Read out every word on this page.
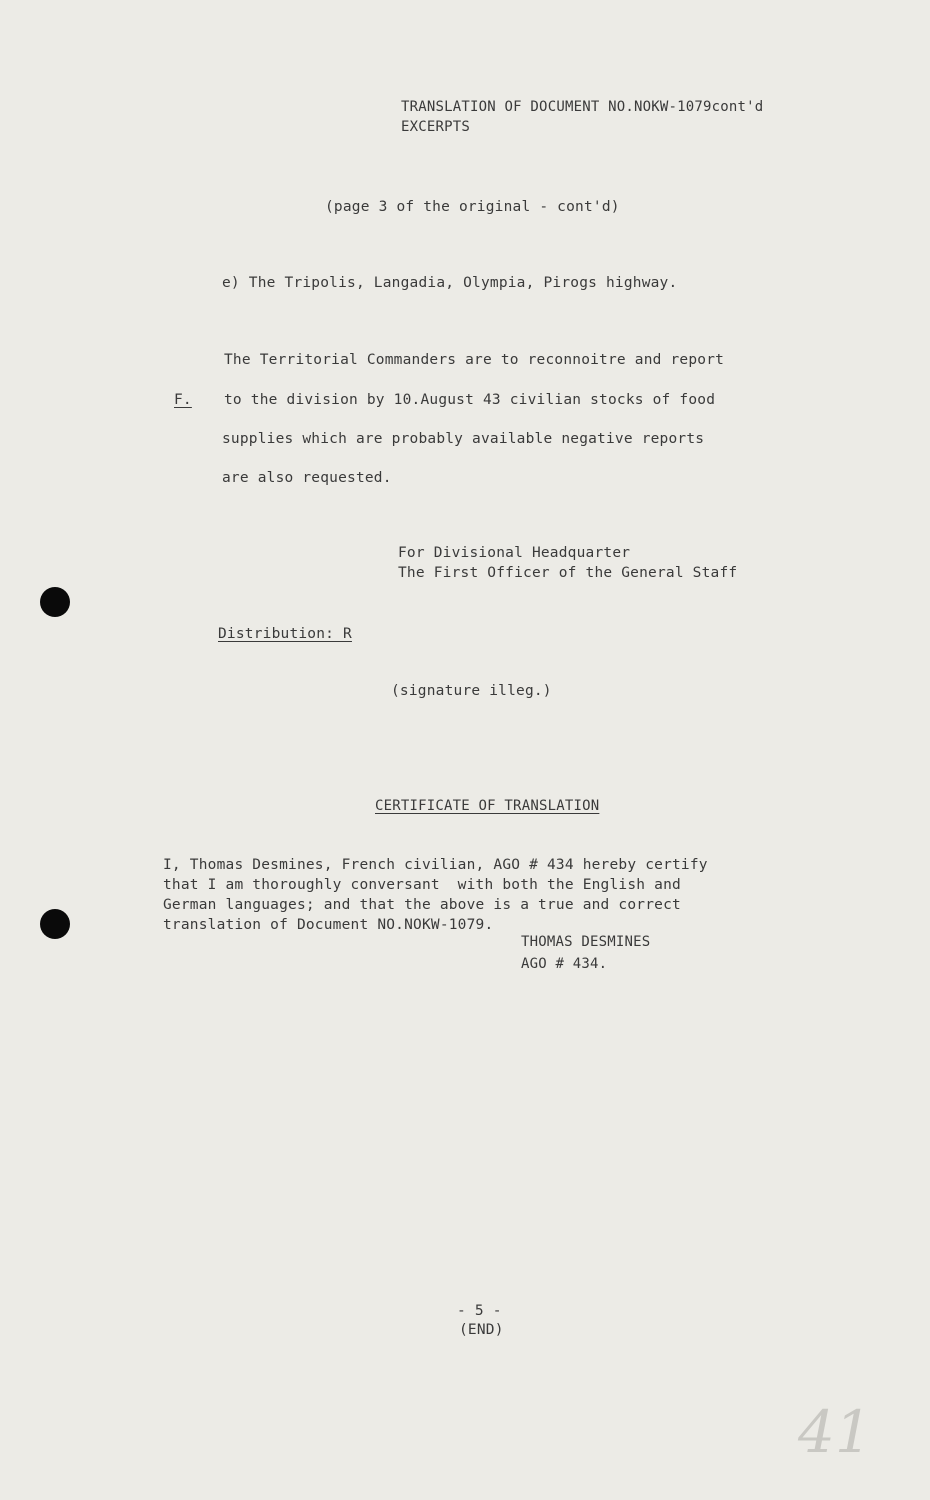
TRANSLATION OF DOCUMENT NO.NOKW-1079cont'd
EXCERPTS
(page 3 of the original - cont'd)
e) The Tripolis, Langadia, Olympia, Pirogs highway.
The Territorial Commanders are to reconnoitre and report
F. to the division by 10.August 43 civilian stocks of food
supplies which are probably available negative reports
are also requested.
For Divisional Headquarter
The First Officer of the General Staff
Distribution: R
(signature illeg.)
CERTIFICATE OF TRANSLATION
I, Thomas Desmines, French civilian, AGO # 434 hereby certify
that I am thoroughly conversant  with both the English and
German languages; and that the above is a true and correct
translation of Document NO.NOKW-1079.
THOMAS DESMINES
AGO # 434.
- 5 -
(END)
41
